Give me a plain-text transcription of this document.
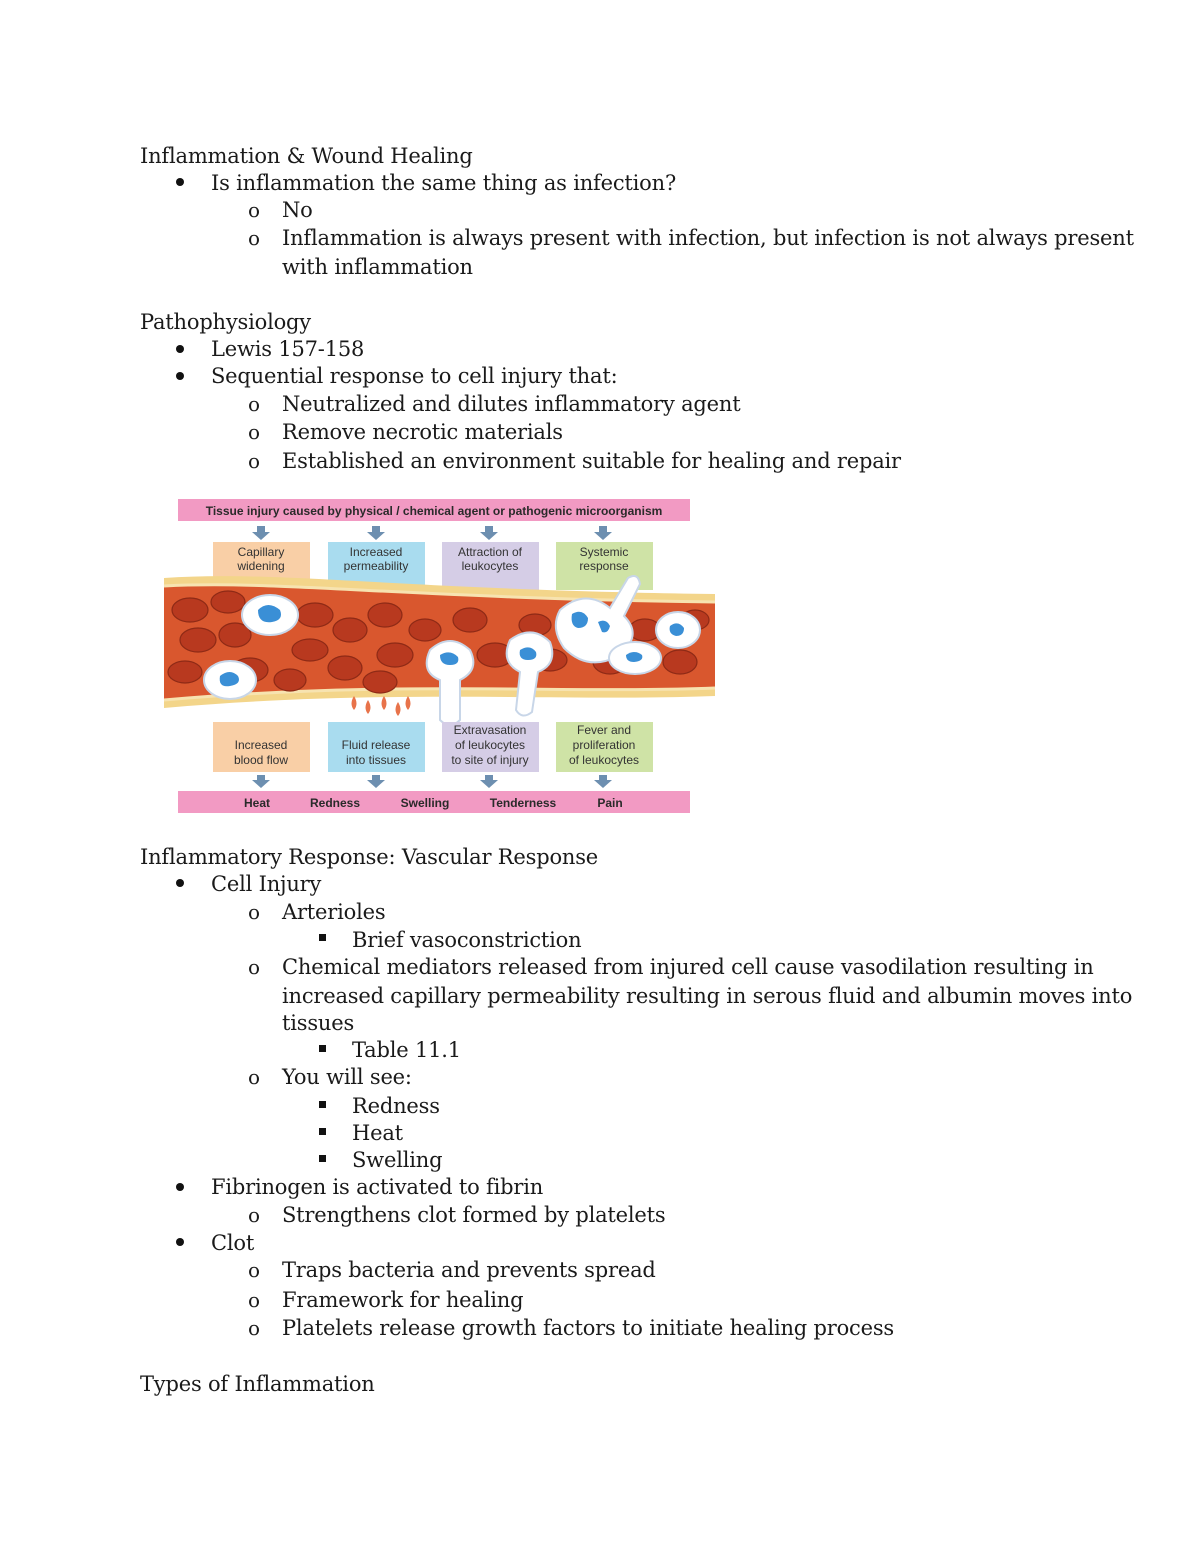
Inflammation & Wound Healing
Is inflammation the same thing as infection?
o No
o Inflammation is always present with infection, but infection is not always present
with inflammation
Pathophysiology
Lewis 157-158
Sequential response to cell injury that:
o Neutralized and dilutes inflammatory agent
o Remove necrotic materials
o Established an environment suitable for healing and repair
Tissue injury caused by physical / chemical agent or pathogenic microorganism
Capillary
widening
Increased
permeability
Attraction of
leukocytes
Systemic
response
Increased
blood flow
Fluid release
into tissues
Extravasation
of leukocytes
to site of injury
Fever and
proliferation
of leukocytes
Heat	Redness	Swelling	Tenderness	Pain
Inflammatory Response: Vascular Response
Cell Injury
o Arterioles
Brief vasoconstriction
o Chemical mediators released from injured cell cause vasodilation resulting in
increased capillary permeability resulting in serous fluid and albumin moves into
tissues
Table 11.1
o You will see:
Redness
Heat
Swelling
Fibrinogen is activated to fibrin
o Strengthens clot formed by platelets
Clot
o Traps bacteria and prevents spread
o Framework for healing
o Platelets release growth factors to initiate healing process
Types of Inflammation
